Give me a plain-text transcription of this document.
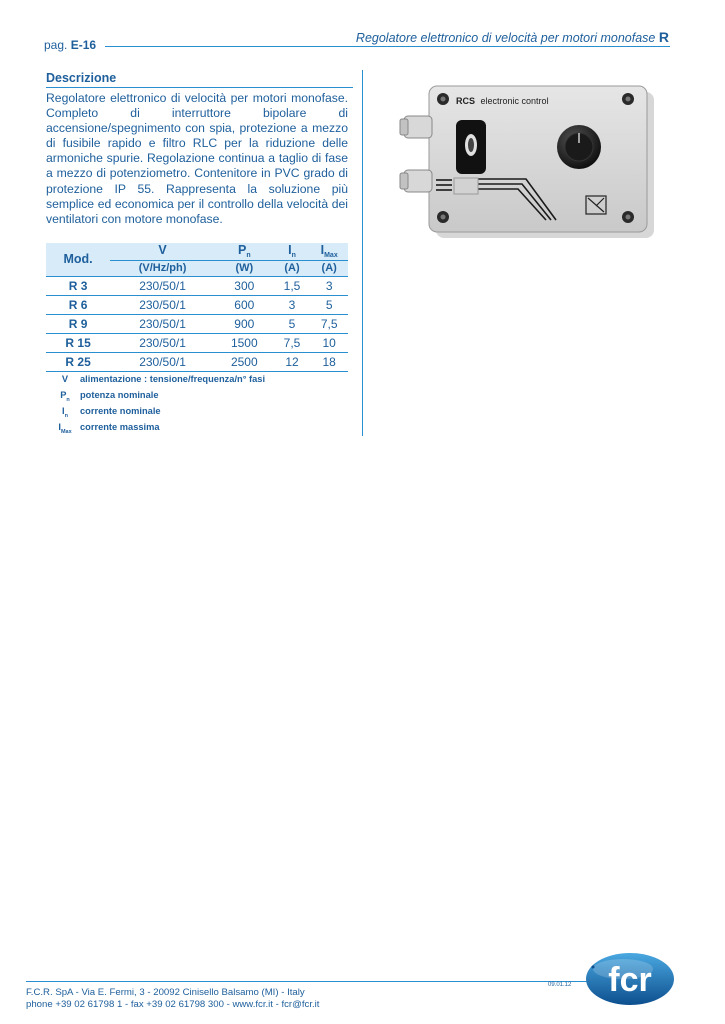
pag. E-16	Regolatore elettronico di velocità per motori monofase R
Descrizione
Regolatore elettronico di velocità per motori monofase. Completo di interruttore bipolare di accensione/spegnimento con spia, protezione a mezzo di fusibile rapido e filtro RLC per la riduzione delle armoniche spurie. Regolazione continua a taglio di fase a mezzo di potenziometro. Contenitore in PVC grado di protezione IP 55. Rappresenta la soluzione più semplice ed economica per il controllo della velocità dei ventilatori con motore monofase.
Mod.	V	$P_n$	$I_n$	$I_{Max}$
	(V/Hz/ph)	(W)	(A)	(A)
R 3	230/50/1	300	1,5	3
R 6	230/50/1	600	3	5
R 9	230/50/1	900	5	7,5
R 15	230/50/1	1500	7,5	10
R 25	230/50/1	2500	12	18
V	alimentazione : tensione/frequenza/n° fasi
$P_n$	potenza nominale
$I_n$	corrente nominale
$I_{Max}$ corrente massima
RCS electronic control
09.01.12
F.C.R. SpA - Via E. Fermi, 3 - 20092 Cinisello Balsamo (MI) - Italy
phone +39 02 61798 1 - fax +39 02 61798 300 - www.fcr.it - fcr@fcr.it
fcr
